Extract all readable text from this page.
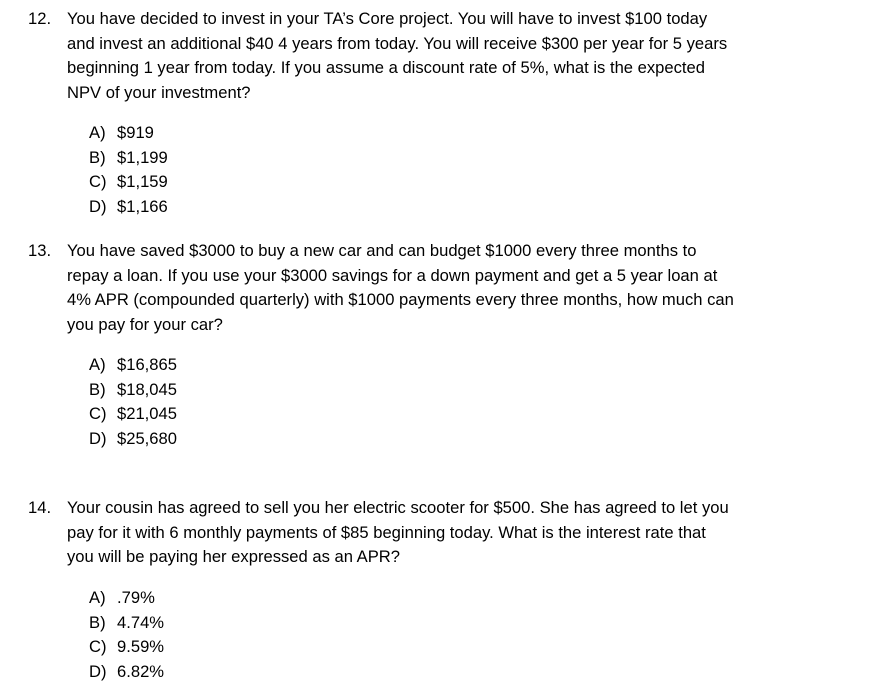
12. You have decided to invest in your TA’s Core project. You will have to invest $100 today
and invest an additional $40 4 years from today. You will receive $300 per year for 5 years
beginning 1 year from today. If you assume a discount rate of 5%, what is the expected
NPV of your investment?
A) $919
B) $1,199
C) $1,159
D) $1,166
13. You have saved $3000 to buy a new car and can budget $1000 every three months to
repay a loan. If you use your $3000 savings for a down payment and get a 5 year loan at
4% APR (compounded quarterly) with $1000 payments every three months, how much can
you pay for your car?
A) $16,865
B) $18,045
C) $21,045
D) $25,680
14. Your cousin has agreed to sell you her electric scooter for $500. She has agreed to let you
pay for it with 6 monthly payments of $85 beginning today. What is the interest rate that
you will be paying her expressed as an APR?
A) .79%
B) 4.74%
C) 9.59%
D) 6.82%
